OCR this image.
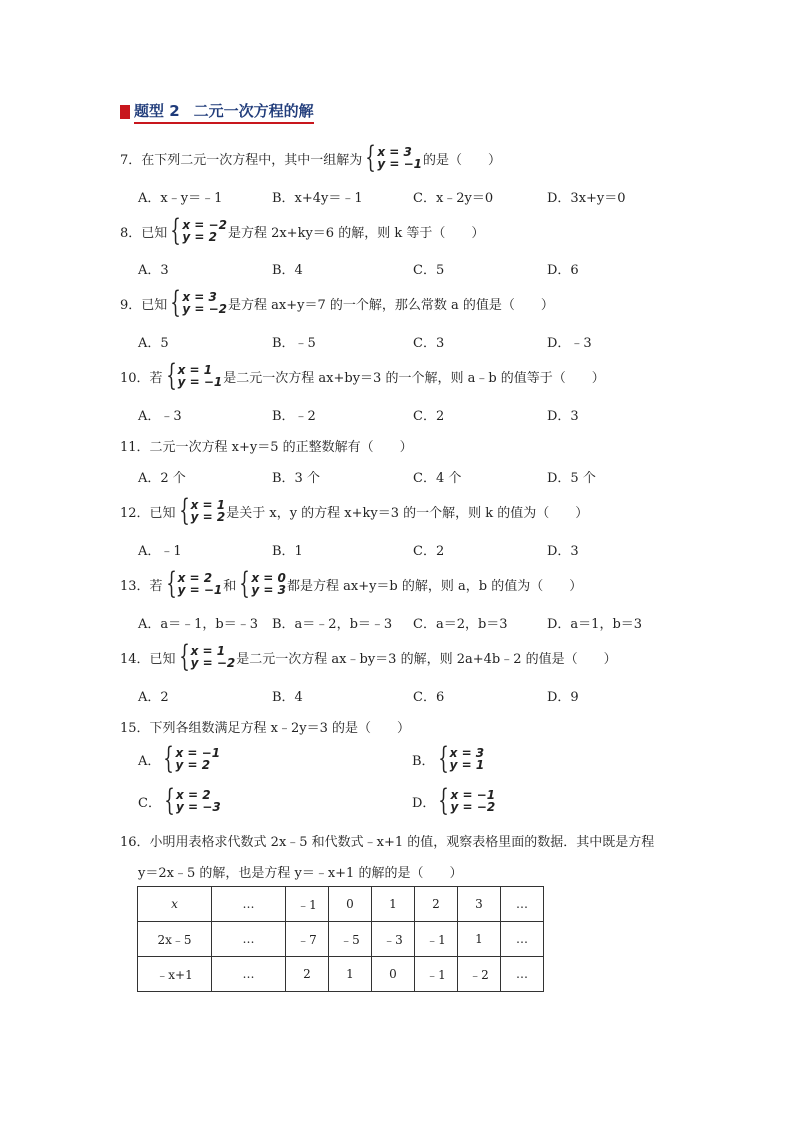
题型 2 二元一次方程的解
7．在下列二元一次方程中，其中一组解为 { x = 3
y = −1 的是（　　）
A．x﹣y＝﹣1	B．x+4y＝﹣1	C．x﹣2y＝0	D．3x+y＝0
8．已知 { x = −2
y = 2 是方程 2x+ky＝6 的解，则 k 等于（　　）
A．3	B．4	C．5	D．6
9．已知 { x = 3
y = −2 是方程 ax+y＝7 的一个解，那么常数 a 的值是（　　）
A．5	B．﹣5	C．3	D．﹣3
10．若 { x = 1
y = −1 是二元一次方程 ax+by＝3 的一个解，则 a﹣b 的值等于（　　）
A．﹣3	B．﹣2	C．2	D．3
11．二元一次方程 x+y＝5 的正整数解有（　　）
A．2 个	B．3 个	C．4 个	D．5 个
12．已知 { x = 1
y = 2 是关于 x，y 的方程 x+ky＝3 的一个解，则 k 的值为（　　）
A．﹣1	B．1	C．2	D．3
13．若 { x = 2
y = −1 和 { x = 0
y = 3 都是方程 ax+y＝b 的解，则 a，b 的值为（　　）
A．a＝﹣1，b＝﹣3	B．a＝﹣2，b＝﹣3	C．a＝2，b＝3	D．a＝1，b＝3
14．已知 { x = 1
y = −2 是二元一次方程 ax﹣by＝3 的解，则 2a+4b﹣2 的值是（　　）
A．2	B．4	C．6	D．9
15．下列各组数满足方程 x﹣2y＝3 的是（　　）
A． { x = −1
y = 2	B． { x = 3
y = 1
C． { x = 2
y = −3	D． { x = −1
y = −2
16．小明用表格求代数式 2x﹣5 和代数式﹣x+1 的值，观察表格里面的数据．其中既是方程
y＝2x﹣5 的解，也是方程 y＝﹣x+1 的解的是（　　）
x	…	﹣1	0	1	2	3	…
2x﹣5	…	﹣7	﹣5	﹣3	﹣1	1	…
﹣x+1	…	2	1	0	﹣1	﹣2	…
